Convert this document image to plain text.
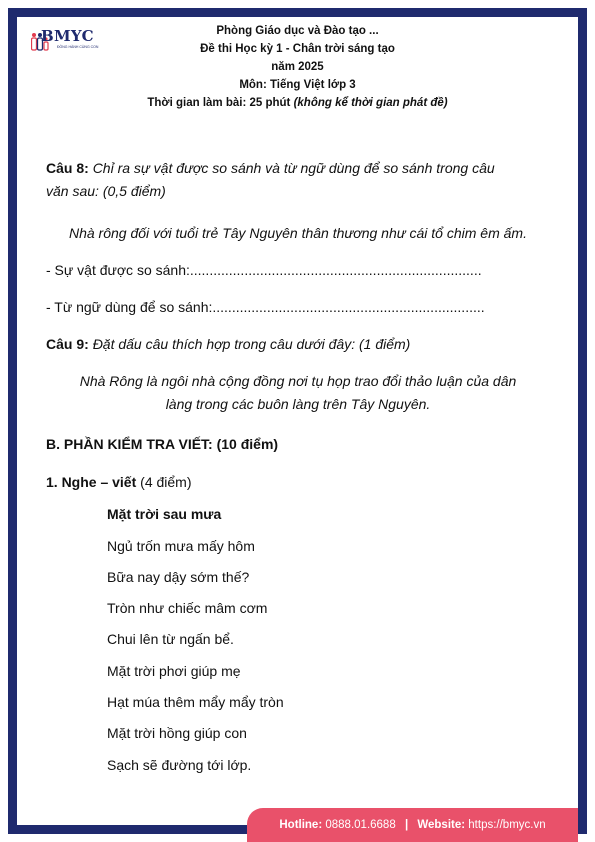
BMYC
ĐỒNG HÀNH CÙNG CON
Phòng Giáo dục và Đào tạo ...
Đề thi Học kỳ 1 - Chân trời sáng tạo
năm 2025
Môn: Tiếng Việt lớp 3
Thời gian làm bài: 25 phút (không kể thời gian phát đề)
Câu 8: Chỉ ra sự vật được so sánh và từ ngữ dùng để so sánh trong câu
văn sau: (0,5 điểm)
Nhà rông đối với tuổi trẻ Tây Nguyên thân thương như cái tổ chim êm ấm.
- Sự vật được so sánh:...........................................................................
- Từ ngữ dùng để so sánh:......................................................................
Câu 9: Đặt dấu câu thích hợp trong câu dưới đây: (1 điểm)
Nhà Rông là ngôi nhà cộng đồng nơi tụ họp trao đổi thảo luận của dân
làng trong các buôn làng trên Tây Nguyên.
B. PHẦN KIỂM TRA VIẾT: (10 điểm)
1. Nghe – viết (4 điểm)
Mặt trời sau mưa
Ngủ trốn mưa mấy hôm
Bữa nay dậy sớm thế?
Tròn như chiếc mâm cơm
Chui lên từ ngấn bể.
Mặt trời phơi giúp mẹ
Hạt múa thêm mẩy mẩy tròn
Mặt trời hồng giúp con
Sạch sẽ đường tới lớp.
Hotline: 0888.01.6688 | Website: https://bmyc.vn
